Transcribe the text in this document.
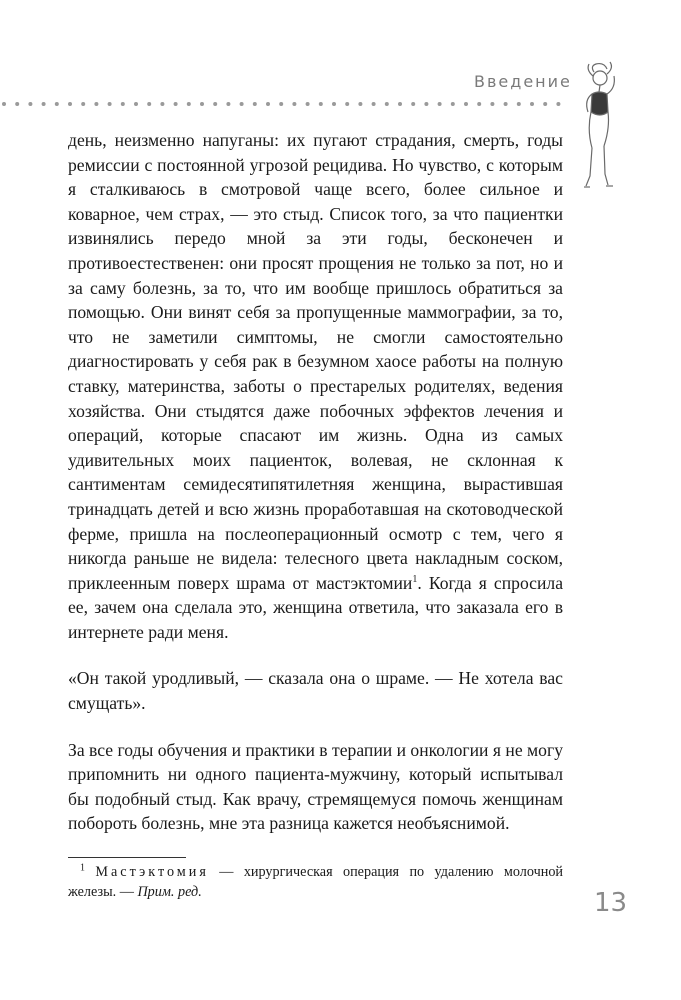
Введение

день, неизменно напуганы: их пугают страдания, смерть, годы ремиссии с постоянной угрозой рецидива. Но чувство, с которым я сталкиваюсь в смотровой чаще всего, более сильное и коварное, чем страх, — это стыд. Список того, за что пациентки извинялись передо мной за эти годы, бесконечен и противоестественен: они просят прощения не только за пот, но и за саму болезнь, за то, что им вообще пришлось обратиться за помощью. Они винят себя за пропущенные маммографии, за то, что не заметили симптомы, не смогли самостоятельно диагностировать у себя рак в безумном хаосе работы на полную ставку, материнства, заботы о престарелых родителях, ведения хозяйства. Они стыдятся даже побочных эффектов лечения и операций, которые спасают им жизнь. Одна из самых удивительных моих пациенток, волевая, не склонная к сантиментам семидесятипятилетняя женщина, вырастившая тринадцать детей и всю жизнь проработавшая на скотоводческой ферме, пришла на послеоперационный осмотр с тем, чего я никогда раньше не видела: телесного цвета накладным соском, приклеенным поверх шрама от мастэктомии$^1$. Когда я спросила ее, зачем она сделала это, женщина ответила, что заказала его в интернете ради меня.

«Он такой уродливый, — сказала она о шраме. — Не хотела вас смущать».

За все годы обучения и практики в терапии и онкологии я не могу припомнить ни одного пациента-мужчину, который испытывал бы подобный стыд. Как врачу, стремящемуся помочь женщинам побороть болезнь, мне эта разница кажется необъяснимой.

$^1$ Мастэктомия — хирургическая операция по удалению молочной железы. — Прим. ред.	13
